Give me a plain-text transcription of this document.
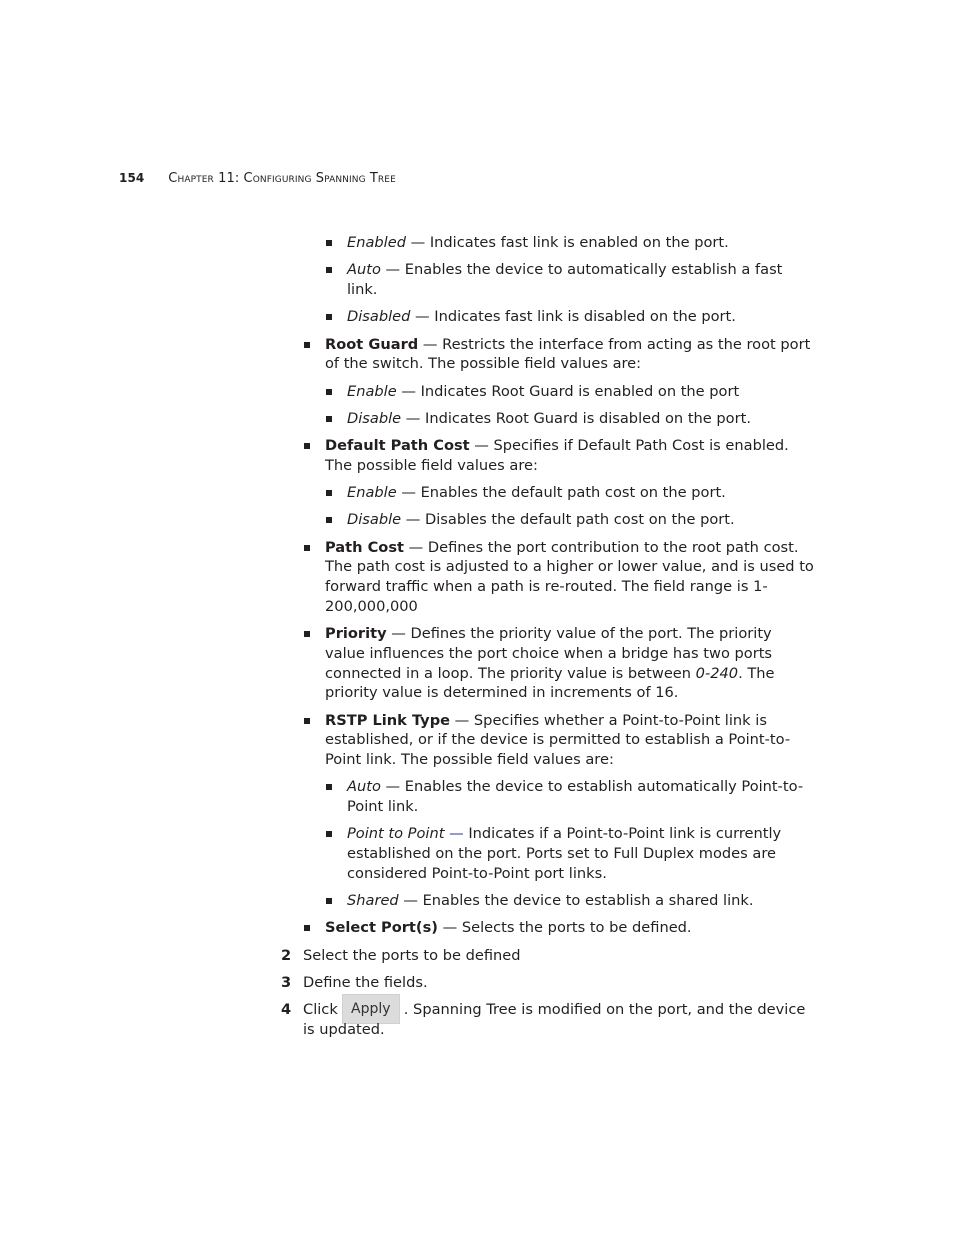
154 Chapter 11: Configuring Spanning Tree
Enabled — Indicates fast link is enabled on the port.
Auto — Enables the device to automatically establish a fast link.
Disabled — Indicates fast link is disabled on the port.
Root Guard — Restricts the interface from acting as the root port of the switch. The possible field values are:
Enable — Indicates Root Guard is enabled on the port
Disable — Indicates Root Guard is disabled on the port.
Default Path Cost — Specifies if Default Path Cost is enabled. The possible field values are:
Enable — Enables the default path cost on the port.
Disable — Disables the default path cost on the port.
Path Cost — Defines the port contribution to the root path cost. The path cost is adjusted to a higher or lower value, and is used to forward traffic when a path is re-routed. The field range is 1-200,000,000
Priority — Defines the priority value of the port. The priority value influences the port choice when a bridge has two ports connected in a loop. The priority value is between 0-240. The priority value is determined in increments of 16.
RSTP Link Type — Specifies whether a Point-to-Point link is established, or if the device is permitted to establish a Point-to-Point link. The possible field values are:
Auto — Enables the device to establish automatically Point-to-Point link.
Point to Point — Indicates if a Point-to-Point link is currently established on the port. Ports set to Full Duplex modes are considered Point-to-Point port links.
Shared — Enables the device to establish a shared link.
Select Port(s) — Selects the ports to be defined.
2 Select the ports to be defined
3 Define the fields.
4 Click Apply . Spanning Tree is modified on the port, and the device is updated.
